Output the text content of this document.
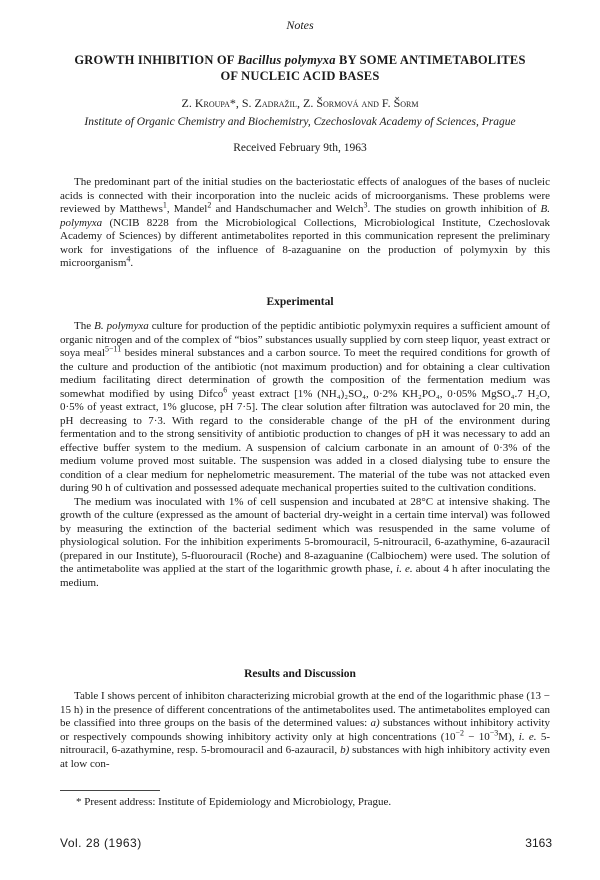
Notes
GROWTH INHIBITION OF Bacillus polymyxa BY SOME ANTIMETABOLITES
OF NUCLEIC ACID BASES
Z. Kroupa*, S. Zadražil, Z. Šormová and F. Šorm
Institute of Organic Chemistry and Biochemistry, Czechoslovak Academy of Sciences, Prague
Received February 9th, 1963

The predominant part of the initial studies on the bacteriostatic effects of analogues of the bases of nucleic acids is connected with their incorporation into the nucleic acids of microorganisms. These problems were reviewed by Matthews$^1$, Mandel$^2$ and Handschumacher and Welch$^3$. The studies on growth inhibition of B. polymyxa (NCIB 8228 from the Microbiological Collections, Microbiological Institute, Czechoslovak Academy of Sciences) by different antimetabolites reported in this communication represent the preliminary work for investigations of the influence of 8-azaguanine on the production of polymyxin by this microorganism$^4$.

Experimental

The B. polymyxa culture for production of the peptidic antibiotic polymyxin requires a sufficient amount of organic nitrogen and of the complex of “bios” substances usually supplied by corn steep liquor, yeast extract or soya meal$^{5-11}$ besides mineral substances and a carbon source. To meet the required conditions for growth of the culture and production of the antibiotic (not maximum production) and for obtaining a clear cultivation medium facilitating direct determination of growth the composition of the fermentation medium was somewhat modified by using Difco$^6$ yeast extract [1% (NH₄)₂SO₄, 0·2% KH₂PO₄, 0·05% MgSO₄.7 H₂O, 0·5% of yeast extract, 1% glucose, pH 7·5]. The clear solution after filtration was autoclaved for 20 min, the pH decreasing to 7·3. With regard to the considerable change of the pH of the environment during fermentation and to the strong sensitivity of antibiotic production to changes of pH it was necessary to add an effective buffer system to the medium. A suspension of calcium carbonate in an amount of 0·3% of the medium volume proved most suitable. The suspension was added in a closed dialysing tube to ensure the condition of a clear medium for nephelometric measurement. The material of the tube was not attacked even during 90 h of cultivation and possessed adequate mechanical properties suited to the cultivation conditions.

The medium was inoculated with 1% of cell suspension and incubated at 28°C at intensive shaking. The growth of the culture (expressed as the amount of bacterial dry-weight in a certain time interval) was followed by measuring the extinction of the bacterial sediment which was resuspended in the same volume of physiological solution. For the inhibition experiments 5-bromouracil, 5-nitrouracil, 6-azathymine, 6-azauracil (prepared in our Institute), 5-fluorouracil (Roche) and 8-azaguanine (Calbiochem) were used. The solution of the antimetabolite was applied at the start of the logarithmic growth phase, i. e. about 4 h after inoculating the medium.

Results and Discussion

Table I shows percent of inhibiton characterizing microbial growth at the end of the logarithmic phase (13 − 15 h) in the presence of different concentrations of the antimetabolites used. The antimetabolites employed can be classified into three groups on the basis of the determined values: a) substances without inhibitory activity or respectively compounds showing inhibitory activity only at high concentrations $(10^{-2} - 10^{-3}M)$, i. e. 5-nitrouracil, 6-azathymine, resp. 5-bromouracil and 6-azauracil, b) substances with high inhibitory activity even at low con-

* Present address: Institute of Epidemiology and Microbiology, Prague.
Vol. 28 (1963)	3163
